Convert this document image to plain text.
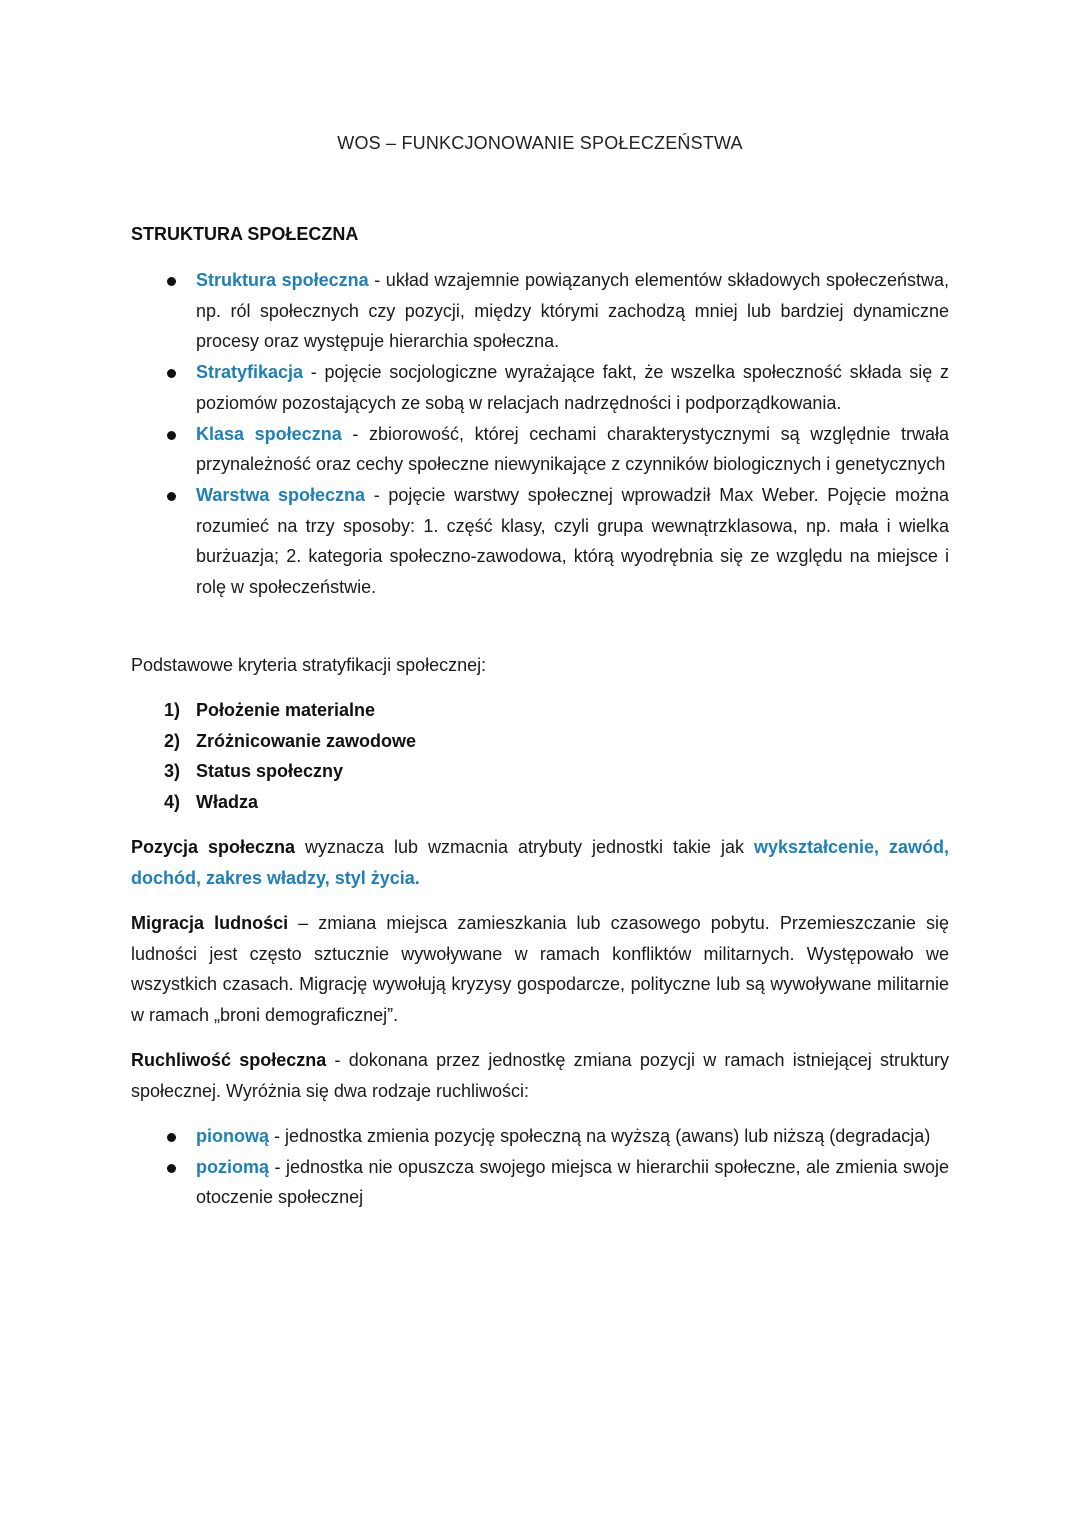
WOS – FUNKCJONOWANIE SPOŁECZEŃSTWA
STRUKTURA SPOŁECZNA
Struktura społeczna - układ wzajemnie powiązanych elementów składowych społeczeństwa, np. ról społecznych czy pozycji, między którymi zachodzą mniej lub bardziej dynamiczne procesy oraz występuje hierarchia społeczna.
Stratyfikacja - pojęcie socjologiczne wyrażające fakt, że wszelka społeczność składa się z poziomów pozostających ze sobą w relacjach nadrzędności i podporządkowania.
Klasa społeczna - zbiorowość, której cechami charakterystycznymi są względnie trwała przynależność oraz cechy społeczne niewynikające z czynników biologicznych i genetycznych
Warstwa społeczna - pojęcie warstwy społecznej wprowadził Max Weber. Pojęcie można rozumieć na trzy sposoby: 1. część klasy, czyli grupa wewnątrzklasowa, np. mała i wielka burżuazja; 2. kategoria społeczno-zawodowa, którą wyodrębnia się ze względu na miejsce i rolę w społeczeństwie.

Podstawowe kryteria stratyfikacji społecznej:

1) Położenie materialne
2) Zróżnicowanie zawodowe
3) Status społeczny
4) Władza

Pozycja społeczna wyznacza lub wzmacnia atrybuty jednostki takie jak wykształcenie, zawód, dochód, zakres władzy, styl życia.

Migracja ludności – zmiana miejsca zamieszkania lub czasowego pobytu. Przemieszczanie się ludności jest często sztucznie wywoływane w ramach konfliktów militarnych. Występowało we wszystkich czasach. Migrację wywołują kryzysy gospodarcze, polityczne lub są wywoływane militarnie w ramach „broni demograficznej”.

Ruchliwość społeczna - dokonana przez jednostkę zmiana pozycji w ramach istniejącej struktury społecznej. Wyróżnia się dwa rodzaje ruchliwości:

pionową - jednostka zmienia pozycję społeczną na wyższą (awans) lub niższą (degradacja)
poziomą - jednostka nie opuszcza swojego miejsca w hierarchii społeczne, ale zmienia swoje otoczenie społecznej
